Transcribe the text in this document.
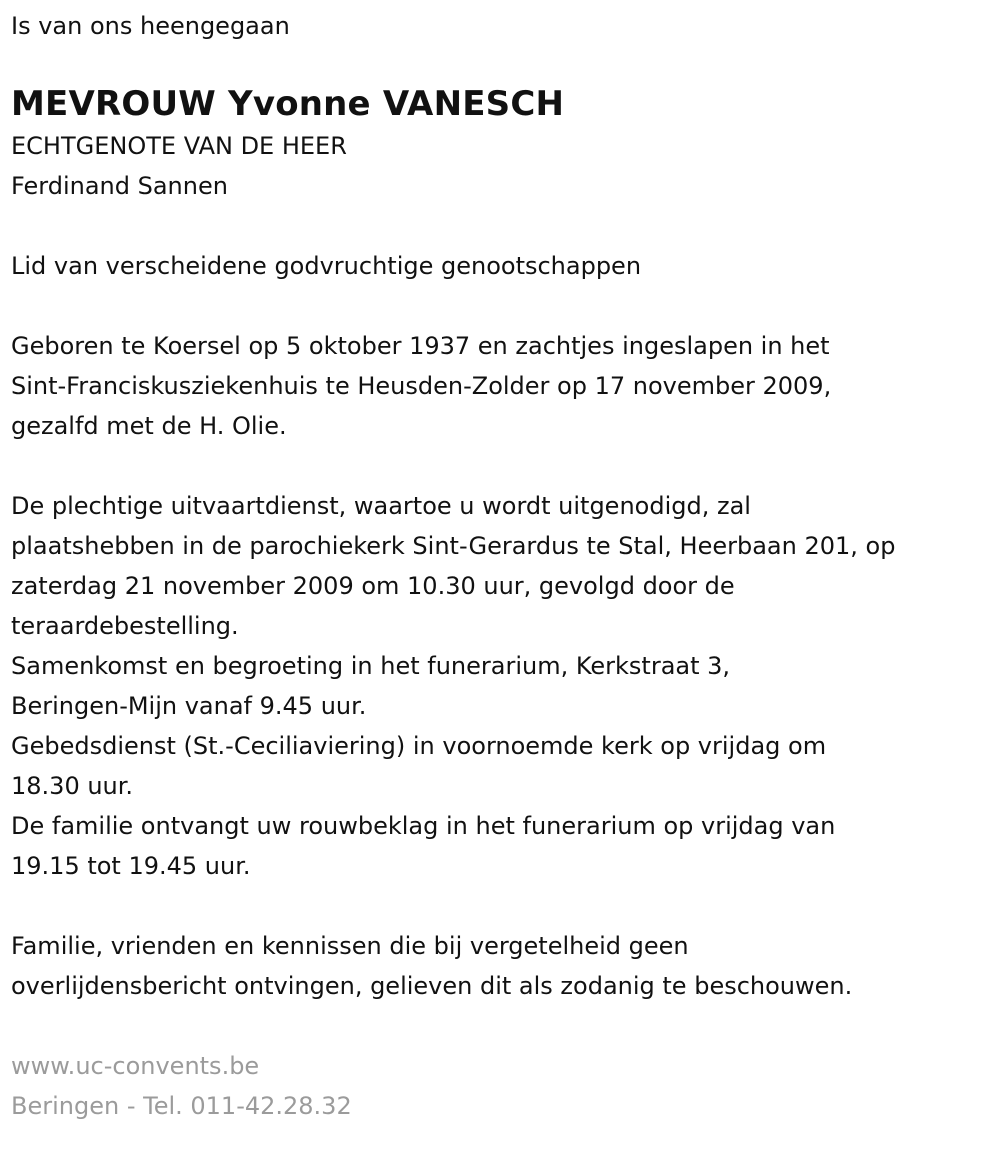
Is van ons heengegaan

MEVROUW Yvonne VANESCH

ECHTGENOTE VAN DE HEER

Ferdinand Sannen

Lid van verscheidene godvruchtige genootschappen

Geboren te Koersel op 5 oktober 1937 en zachtjes ingeslapen in het

Sint-Franciskusziekenhuis te Heusden-Zolder op 17 november 2009,

gezalfd met de H. Olie.

De plechtige uitvaartdienst, waartoe u wordt uitgenodigd, zal

plaatshebben in de parochiekerk Sint-Gerardus te Stal, Heerbaan 201, op

zaterdag 21 november 2009 om 10.30 uur, gevolgd door de

teraardebestelling.

Samenkomst en begroeting in het funerarium, Kerkstraat 3,

Beringen-Mijn vanaf 9.45 uur.

Gebedsdienst (St.-Ceciliaviering) in voornoemde kerk op vrijdag om

18.30 uur.

De familie ontvangt uw rouwbeklag in het funerarium op vrijdag van

19.15 tot 19.45 uur.

Familie, vrienden en kennissen die bij vergetelheid geen

overlijdensbericht ontvingen, gelieven dit als zodanig te beschouwen.

www.uc-convents.be

Beringen - Tel. 011-42.28.32
